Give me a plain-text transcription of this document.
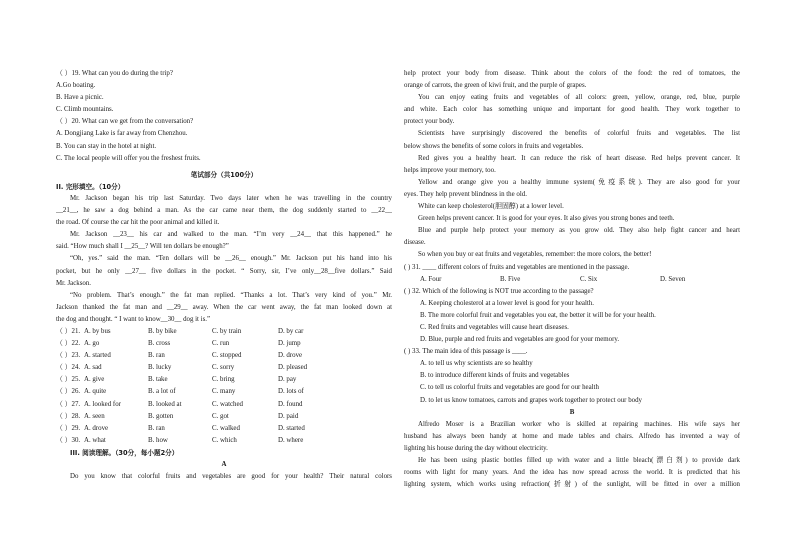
（ ）19. What can you do during the trip?
A.Go boating.
B. Have a picnic.
C. Climb mountains.
（ ）20. What can we get from the conversation?
A. Dongjiang Lake is far away from Chenzhou.
B. You can stay in the hotel at night.
C. The local people will offer you the freshest fruits.
笔试部分（共100分）
II. 完形填空。（10分）
Mr. Jackson began his trip last Saturday. Two days later when he was travelling in the country
__21__, he saw a dog behind a man. As the car came near them, the dog suddenly started to __22__
the road. Of course the car hit the poor animal and killed it.
Mr. Jackson __23__ his car and walked to the man. “I’m very __24__ that this happened.” he
said. “How much shall I __25__? Will ten dollars be enough?”
“Oh, yes.” said the man. “Ten dollars will be __26__ enough.” Mr. Jackson put his hand into his
pocket, but he only __27__ five dollars in the pocket. “ Sorry, sir, I’ve only__28__five dollars.” Said
Mr. Jackson.
“No problem. That’s enough.” the fat man replied. “Thanks a lot. That’s very kind of you.” Mr.
Jackson thanked the fat man and __29__ away. When the car went away, the fat man looked down at
the dog and thought. “ I want to know__30__ dog it is.”
（ ）21. A. by bus	B. by bike	C. by train	D. by car
（ ）22. A. go	B. cross	C. run	D. jump
（ ）23. A. started	B. ran	C. stopped	D. drove
（ ）24. A. sad	B. lucky	C. sorry	D. pleased
（ ）25. A. give	B. take	C. bring	D. pay
（ ）26. A. quite	B. a lot of	C. many	D. lots of
（ ）27. A. looked for	B. looked at	C. watched	D. found
（ ）28. A. seen	B. gotten	C. got	D. paid
（ ）29. A. drove	B. ran	C. walked	D. started
（ ）30. A. what	B. how	C. which	D. where
III. 阅读理解。（30分，每小题2分）
A
Do you know that colorful fruits and vegetables are good for your health? Their natural colors
help protect your body from disease. Think about the colors of the food: the red of tomatoes, the
orange of carrots, the green of kiwi fruit, and the purple of grapes.
You can enjoy eating fruits and vegetables of all colors: green, yellow, orange, red, blue, purple
and white. Each color has something unique and important for good health. They work together to
protect your body.
Scientists have surprisingly discovered the benefits of colorful fruits and vegetables. The list
below shows the benefits of some colors in fruits and vegetables.
Red gives you a healthy heart. It can reduce the risk of heart disease. Red helps prevent cancer. It
helps improve your memory, too.
Yellow and orange give you a healthy immune system(免疫系统). They are also good for your
eyes. They help prevent blindness in the old.
White can keep cholesterol(胆固醇) at a lower level.
Green helps prevent cancer. It is good for your eyes. It also gives you strong bones and teeth.
Blue and purple help protect your memory as you grow old. They also help fight cancer and heart
disease.
So when you buy or eat fruits and vegetables, remember: the more colors, the better!
( ) 31. ____ different colors of fruits and vegetables are mentioned in the passage.
A. Four	B. Five	C. Six	D. Seven
( ) 32. Which of the following is NOT true according to the passage?
A. Keeping cholesterol at a lower level is good for your health.
B. The more colorful fruit and vegetables you eat, the better it will be for your health.
C. Red fruits and vegetables will cause heart diseases.
D. Blue, purple and red fruits and vegetables are good for your memory.
( ) 33. The main idea of this passage is ____.
A. to tell us why scientists are so healthy
B. to introduce different kinds of fruits and vegetables
C. to tell us colorful fruits and vegetables are good for our health
D. to let us know tomatoes, carrots and grapes work together to protect our body
B
Alfredo Moser is a Brazilian worker who is skilled at repairing machines. His wife says her
husband has always been handy at home and made tables and chairs. Alfredo has invented a way of
lighting his house during the day without electricity.
He has been using plastic bottles filled up with water and a little bleach(漂白剂) to provide dark
rooms with light for many years. And the idea has now spread across the world. It is predicted that his
lighting system, which works using refraction(折射) of the sunlight, will be fitted in over a million
